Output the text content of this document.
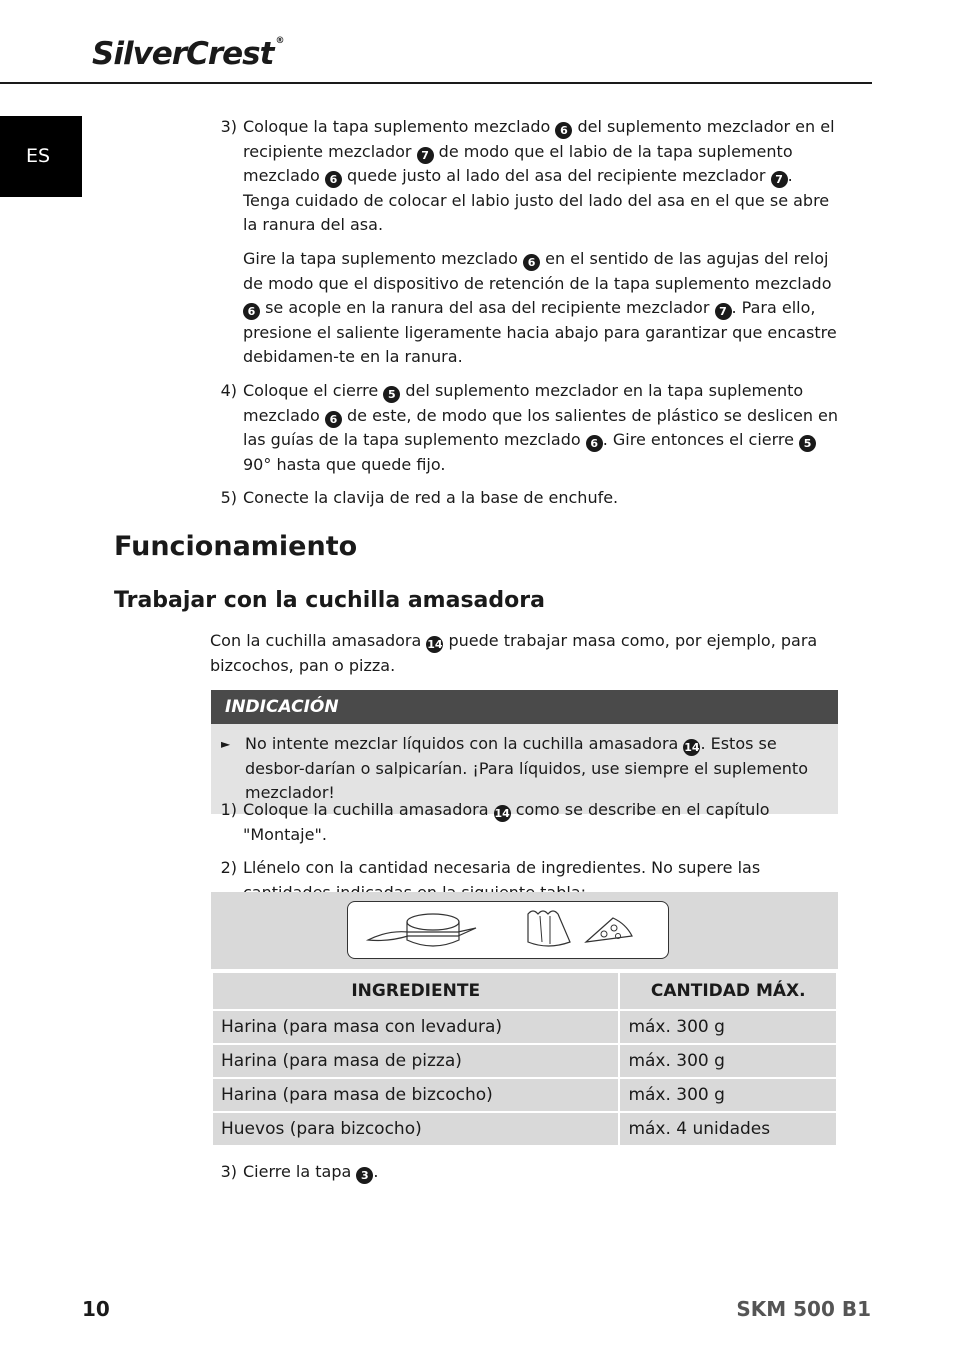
SilverCrest ®
ES
3) Coloque la tapa suplemento mezclado 6 del suplemento mezclador en el recipiente mezclador 7 de modo que el labio de la tapa suplemento mezclado 6 quede justo al lado del asa del recipiente mezclador 7 . Tenga cuidado de colocar el labio justo del lado del asa en el que se abre la ranura del asa.
Gire la tapa suplemento mezclado 6 en el sentido de las agujas del reloj de modo que el dispositivo de retención de la tapa suplemento mezclado 6 se acople en la ranura del asa del recipiente mezclador 7 . Para ello, presione el saliente ligeramente hacia abajo para garantizar que encastre debidamen-te en la ranura.
4) Coloque el cierre 5 del suplemento mezclador en la tapa suplemento mezclado 6 de este, de modo que los salientes de plástico se deslicen en las guías de la tapa suplemento mezclado 6 . Gire entonces el cierre 5 90° hasta que quede fijo.
5) Conecte la clavija de red a la base de enchufe.
Funcionamiento
Trabajar con la cuchilla amasadora

Con la cuchilla amasadora 14 puede trabajar masa como, por ejemplo, para bizcochos, pan o pizza.

INDICACIÓN
► No intente mezclar líquidos con la cuchilla amasadora 14. Estos se desbor-darían o salpicarían. ¡Para líquidos, use siempre el suplemento mezclador!
1) Coloque la cuchilla amasadora 14 como se describe en el capítulo "Montaje".
2) Llénelo con la cantidad necesaria de ingredientes. No supere las
INGREDIENTE	CANTIDAD MÁX.
Harina (para masa con levadura)	máx. 300 g
Harina (para masa de pizza)	máx. 300 g
Harina (para masa de bizcocho)	máx. 300 g
Huevos (para bizcocho)	máx. 4 unidades
3) Cierre la tapa 3 .
10	SKM 500 B1
